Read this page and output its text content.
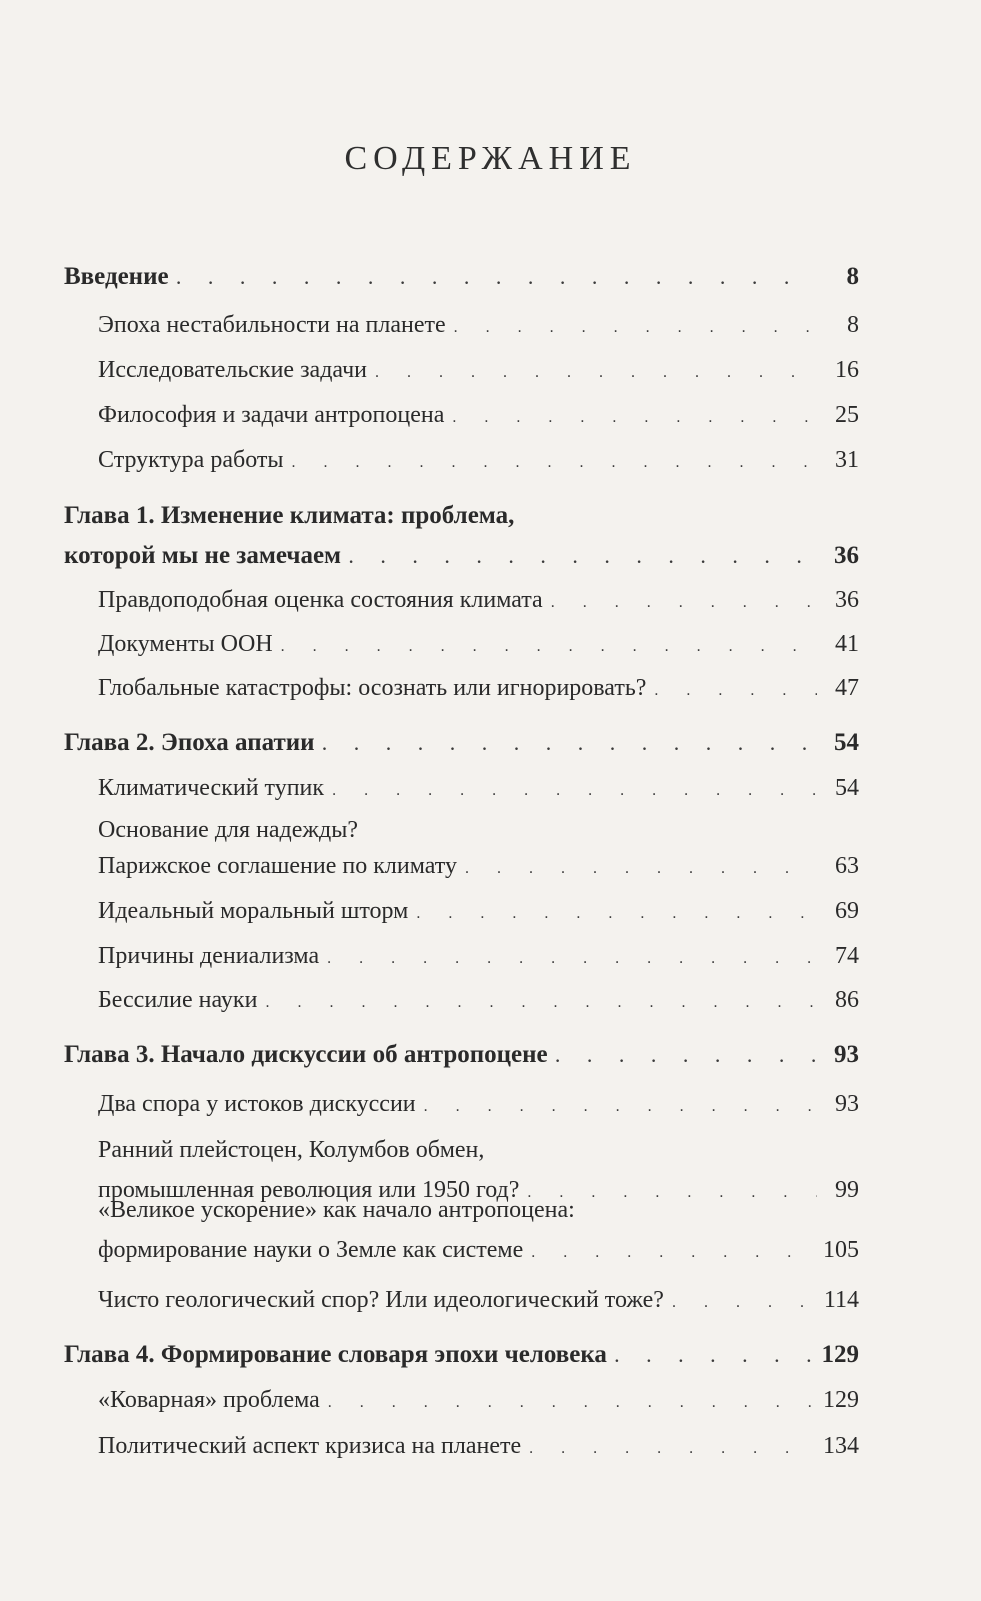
СОДЕРЖАНИЕ
Введение . . .	8
Эпоха нестабильности на планете . . .	8
Исследовательские задачи . . .	16
Философия и задачи антропоцена . . .	25
Структура работы . . .	31
Глава 1. Изменение климата: проблема,
которой мы не замечаем . . .	36
Правдоподобная оценка состояния климата . . .	36
Документы ООН . . .	41
Глобальные катастрофы: осознать или игнорировать? . . .	47
Глава 2. Эпоха апатии . . .	54
Климатический тупик . . .	54
Основание для надежды?
Парижское соглашение по климату . . .	63
Идеальный моральный шторм . . .	69
Причины дениализма . . .	74
Бессилие науки . . .	86
Глава 3. Начало дискуссии об антропоцене . . .	93
Два спора у истоков дискуссии . . .	93
Ранний плейстоцен, Колумбов обмен,
промышленная революция или 1950 год? . . .	99
«Великое ускорение» как начало антропоцена:
формирование науки о Земле как системе . . .	105
Чисто геологический спор? Или идеологический тоже? . . .	114
Глава 4. Формирование словаря эпохи человека . . .	129
«Коварная» проблема . . .	129
Политический аспект кризиса на планете . . .	134
